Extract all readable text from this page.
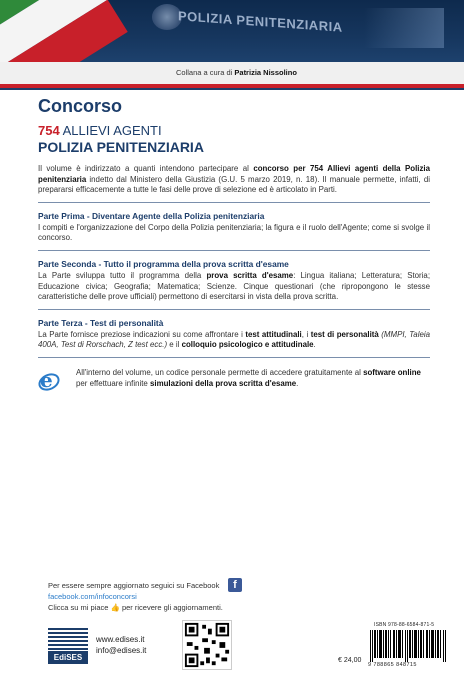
POLIZIA PENITENZIARIA
Collana a cura di Patrizia Nissolino
Concorso
754 ALLIEVI AGENTI
POLIZIA PENITENZIARIA

Il volume è indirizzato a quanti intendono partecipare al concorso per 754 Allievi agenti della Polizia penitenziaria indetto dal Ministero della Giustizia (G.U. 5 marzo 2019, n. 18). Il manuale permette, infatti, di prepararsi efficacemente a tutte le fasi delle prove di selezione ed è articolato in Parti.

Parte Prima - Diventare Agente della Polizia penitenziaria

I compiti e l'organizzazione del Corpo della Polizia penitenziaria; la figura e il ruolo dell'Agente; come si svolge il concorso.

Parte Seconda - Tutto il programma della prova scritta d'esame

La Parte sviluppa tutto il programma della prova scritta d'esame: Lingua italiana; Letteratura; Storia; Educazione civica; Geografia; Matematica; Scienze. Cinque questionari (che ripropongono le stesse caratteristiche delle prove ufficiali) permettono di esercitarsi in vista della prova scritta.

Parte Terza - Test di personalità

La Parte fornisce preziose indicazioni su come affrontare i test attitudinali, i test di personalità (MMPI, Taleia 400A, Test di Rorschach, Z test ecc.) e il colloquio psicologico e attitudinale.

e	All'interno del volume, un codice personale permette di accedere gratuitamente al software online per effettuare infinite simulazioni della prova scritta d'esame.

Per essere sempre aggiornato seguici su Facebook	f
facebook.com/infoconcorsi
Clicca su mi piace 👍 per ricevere gli aggiornamenti.
EdiSES
www.edises.it
info@edises.it
ISBN 978-88-6584-871-5
9 788865 848715
€ 24,00
